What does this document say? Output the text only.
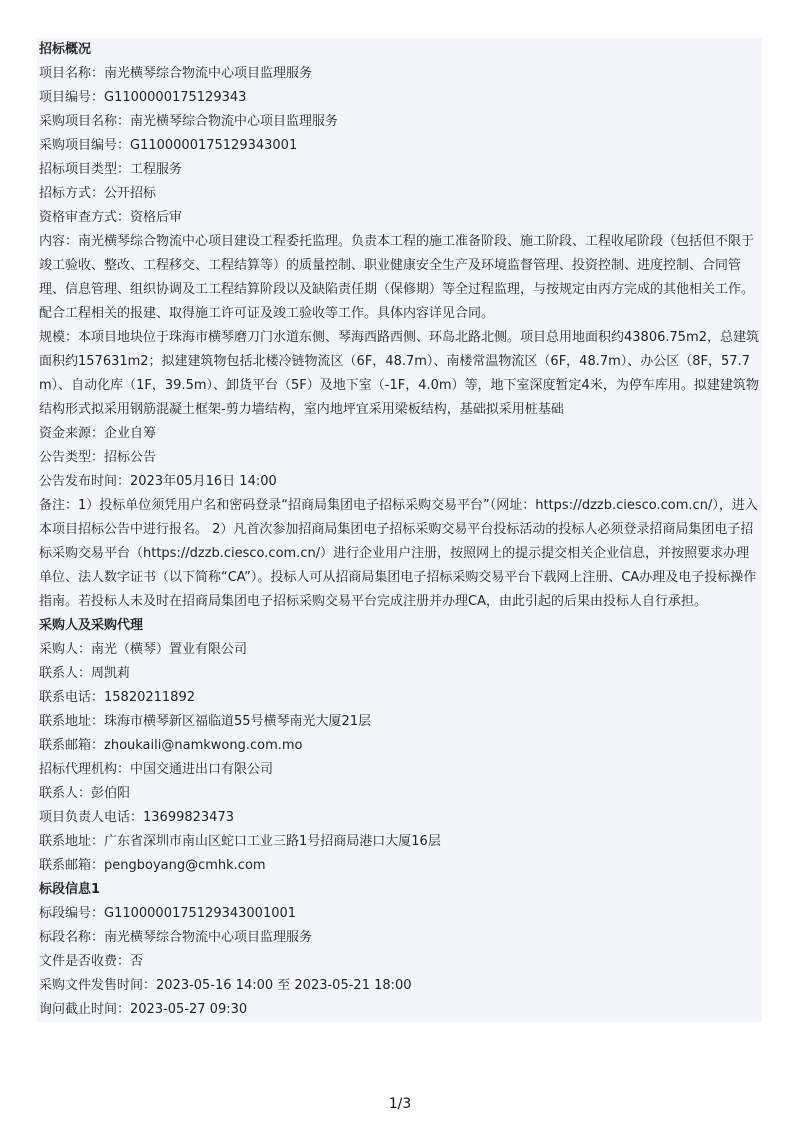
招标概况
项目名称：南光横琴综合物流中心项目监理服务
项目编号：G1100000175129343
采购项目名称：南光横琴综合物流中心项目监理服务
采购项目编号：G1100000175129343001
招标项目类型：工程服务
招标方式：公开招标
资格审查方式：资格后审
内容：南光横琴综合物流中心项目建设工程委托监理。负责本工程的施工准备阶段、施工阶段、工程收尾阶段（包括但不限于竣工验收、整改、工程移交、工程结算等）的质量控制、职业健康安全生产及环境监督管理、投资控制、进度控制、合同管理、信息管理、组织协调及工工程结算阶段以及缺陷责任期（保修期）等全过程监理，与按规定由丙方完成的其他相关工作。配合工程相关的报建、取得施工许可证及竣工验收等工作。具体内容详见合同。
规模：本项目地块位于珠海市横琴磨刀门水道东侧、琴海西路西侧、环岛北路北侧。项目总用地面积约43806.75m2，总建筑面积约157631m2；拟建建筑物包括北楼冷链物流区（6F，48.7m）、南楼常温物流区（6F，48.7m）、办公区（8F，57.7m）、自动化库（1F，39.5m）、卸货平台（5F）及地下室（-1F，4.0m）等，地下室深度暂定4米，为停车库用。拟建建筑物结构形式拟采用钢筋混凝土框架-剪力墙结构，室内地坪宜采用梁板结构，基础拟采用桩基础
资金来源：企业自筹
公告类型：招标公告
公告发布时间：2023年05月16日 14:00
备注：1）投标单位须凭用户名和密码登录“招商局集团电子招标采购交易平台”（网址：https://dzzb.ciesco.com.cn/），进入本项目招标公告中进行报名。 2）凡首次参加招商局集团电子招标采购交易平台投标活动的投标人必须登录招商局集团电子招标采购交易平台（https://dzzb.ciesco.com.cn/）进行企业用户注册，按照网上的提示提交相关企业信息，并按照要求办理单位、法人数字证书（以下简称“CA”）。投标人可从招商局集团电子招标采购交易平台下载网上注册、CA办理及电子投标操作指南。若投标人未及时在招商局集团电子招标采购交易平台完成注册并办理CA，由此引起的后果由投标人自行承担。
采购人及采购代理
采购人：南光（横琴）置业有限公司
联系人：周凯莉
联系电话：15820211892
联系地址：珠海市横琴新区福临道55号横琴南光大厦21层
联系邮箱：zhoukaili@namkwong.com.mo
招标代理机构：中国交通进出口有限公司
联系人：彭伯阳
项目负责人电话：13699823473
联系地址：广东省深圳市南山区蛇口工业三路1号招商局港口大厦16层
联系邮箱：pengboyang@cmhk.com
标段信息1
标段编号：G1100000175129343001001
标段名称：南光横琴综合物流中心项目监理服务
文件是否收费：否
采购文件发售时间：2023-05-16 14:00 至 2023-05-21 18:00
询问截止时间：2023-05-27 09:30
1/3
